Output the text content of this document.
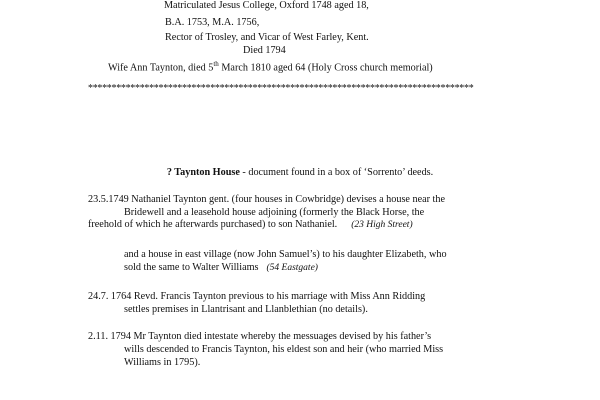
Matriculated Jesus College, Oxford 1748 aged 18,
B.A. 1753, M.A. 1756,
Rector of Trosley, and Vicar of West Farley, Kent.
Died 1794
Wife Ann Taynton, died 5th March 1810 aged 64 (Holy Cross church memorial)
**********************************************************************************
? Taynton House - document found in a box of ‘Sorrento’ deeds.
23.5.1749 Nathaniel Taynton gent. (four houses in Cowbridge) devises a house near the
Bridewell and a leasehold house adjoining (formerly the Black Horse, the
freehold of which he afterwards purchased) to son Nathaniel. (23 High Street)
and a house in east village (now John Samuel’s) to his daughter Elizabeth, who
sold the same to Walter Williams (54 Eastgate)
24.7. 1764 Revd. Francis Taynton previous to his marriage with Miss Ann Ridding
settles premises in Llantrisant and Llanblethian (no details).
2.11. 1794 Mr Taynton died intestate whereby the messuages devised by his father’s
wills descended to Francis Taynton, his eldest son and heir (who married Miss
Williams in 1795).
